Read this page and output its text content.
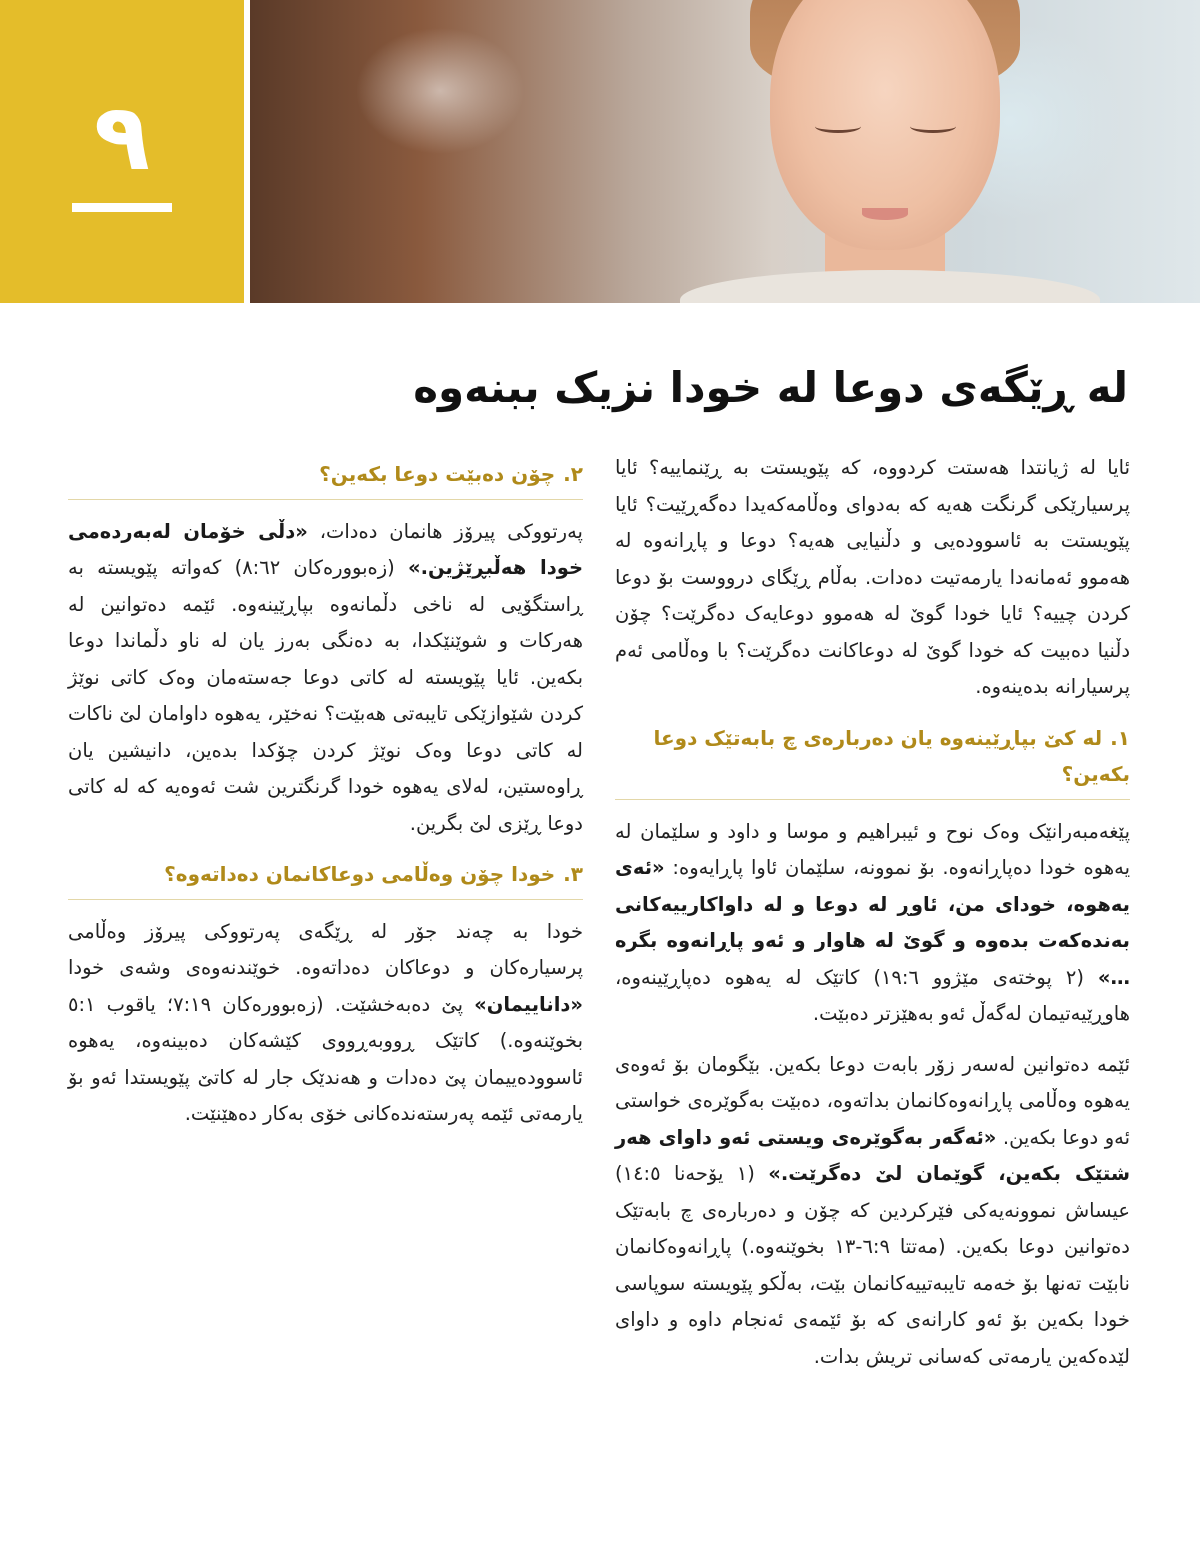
٩
لە ڕێگەی دوعا لە خودا نزیک ببنەوە

ئایا لە ژیانتدا هەستت کردووە، کە پێویستت بە ڕێنماییە؟ ئایا پرسیارێکی گرنگت هەیە کە بەدوای وەڵامەکەیدا دەگەڕێیت؟ ئایا پێویستت بە ئاسوودەیی و دڵنیایی هەیە؟ دوعا و پاڕانەوە لە هەموو ئەمانەدا یارمەتیت دەدات. بەڵام ڕێگای درووست بۆ دوعا کردن چییە؟ ئایا خودا گوێ لە هەموو دوعایەک دەگرێت؟ چۆن دڵنیا دەبیت کە خودا گوێ لە دوعاکانت دەگرێت؟ با وەڵامی ئەم پرسیارانە بدەینەوە.

١.لە کێ بپاڕێینەوە یان دەربارەی چ بابەتێک دوعا بکەین؟

پێغەمبەرانێک وەک نوح و ئیبراهیم و موسا و داود و سلێمان لە یەهوە خودا دەپاڕانەوە. بۆ نموونە، سلێمان ئاوا پاڕایەوە: «ئەی یەهوە، خودای من، ئاوڕ لە دوعا و لە داواکارییەکانی بەندەکەت بدەوە و گوێ لە هاوار و ئەو پاڕانەوە بگرە …» (٢ پوختەی مێژوو ١٩:٦) کاتێک لە یەهوە دەپاڕێینەوە، هاوڕێیەتیمان لەگەڵ ئەو بەهێزتر دەبێت.

ئێمە دەتوانین لەسەر زۆر بابەت دوعا بکەین. بێگومان بۆ ئەوەی یەهوە وەڵامی پاڕانەوەکانمان بداتەوە، دەبێت بەگوێرەی خواستی ئەو دوعا بکەین. «ئەگەر بەگوێرەی ویستی ئەو داوای هەر شتێک بکەین، گوێمان لێ دەگرێت.» (١ یۆحەنا ١٤:٥) عیساش نموونەیەکی فێرکردین کە چۆن و دەربارەی چ بابەتێک دەتوانین دوعا بکەین. (مەتتا ٦:٩-١٣ بخوێنەوە.) پاڕانەوەکانمان نابێت تەنها بۆ خەمە تایبەتییەکانمان بێت، بەڵکو پێویستە سوپاسی خودا بکەین بۆ ئەو کارانەی کە بۆ ئێمەی ئەنجام داوە و داوای لێدەکەین یارمەتی کەسانی تریش بدات.

٢.چۆن دەبێت دوعا بکەین؟

پەرتووکی پیرۆز هانمان دەدات، «دڵی خۆمان لەبەردەمی خودا هەڵبڕێژین.» (زەبوورەکان ٨:٦٢) کەواتە پێویستە بە ڕاستگۆیی لە ناخی دڵمانەوە بپاڕێینەوە. ئێمە دەتوانین لە هەرکات و شوێنێکدا، بە دەنگی بەرز یان لە ناو دڵماندا دوعا بکەین. ئایا پێویستە لە کاتی دوعا جەستەمان وەک کاتی نوێژ کردن شێوازێکی تایبەتی هەبێت؟ نەخێر، یەهوە داوامان لێ ناکات لە کاتی دوعا وەک نوێژ کردن چۆکدا بدەین، دانیشین یان ڕاوەستین، لەلای یەهوە خودا گرنگترین شت ئەوەیە کە لە کاتی دوعا ڕێزی لێ بگرین.

٣.خودا چۆن وەڵامی دوعاکانمان دەداتەوە؟

خودا بە چەند جۆر لە ڕێگەی پەرتووکی پیرۆز وەڵامی پرسیارەکان و دوعاکان دەداتەوە. خوێندنەوەی وشەی خودا «داناییمان» پێ دەبەخشێت. (زەبوورەکان ٧:١٩؛ یاقوب ٥:١ بخوێنەوە.) کاتێک ڕووبەڕووی کێشەکان دەبینەوە، یەهوە ئاسوودەییمان پێ دەدات و هەندێک جار لە کاتێ پێویستدا ئەو بۆ یارمەتی ئێمە پەرستەندەکانی خۆی بەکار دەهێنێت.
